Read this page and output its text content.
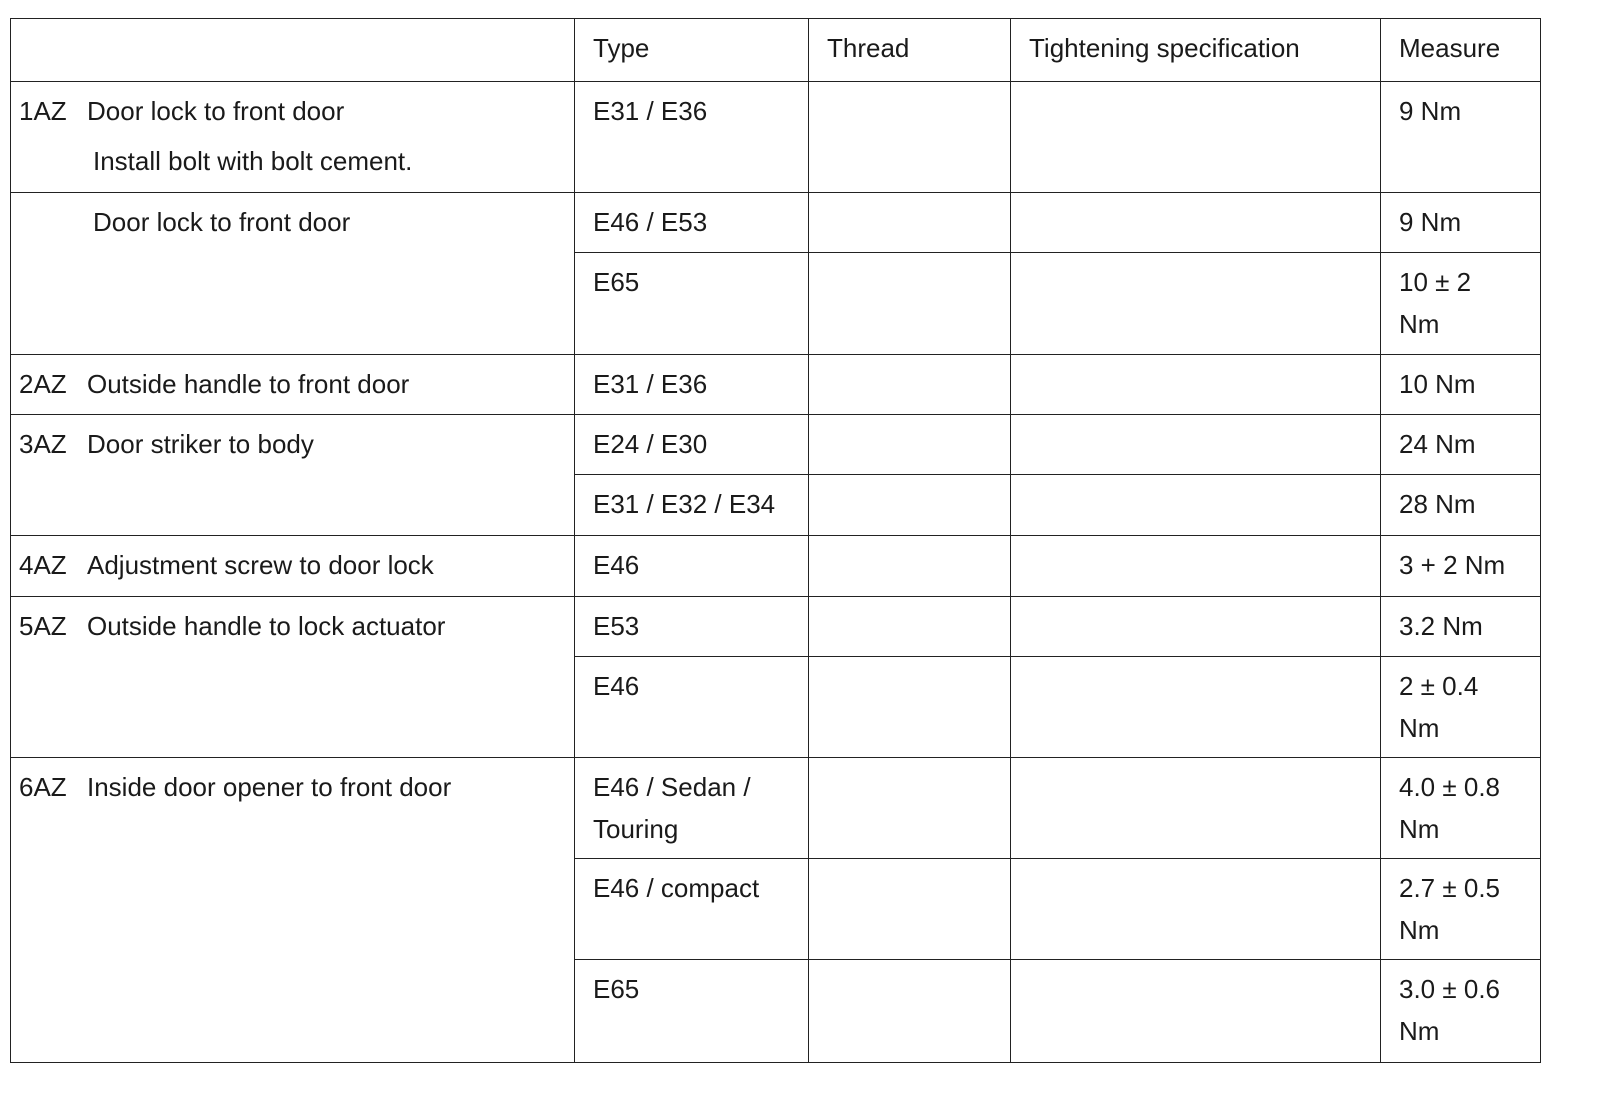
	Type	Thread	Tightening specification	Measure
1AZ Door lock to front door
Install bolt with bolt cement.	E31 / E36			9 Nm

Door lock to front door	E46 / E53			9 Nm
	E65			10 ± 2
Nm
2AZ Outside handle to front door	E31 / E36			10 Nm
3AZ Door striker to body	E24 / E30			24 Nm
	E31 / E32 / E34			28 Nm
4AZ Adjustment screw to door lock	E46			3 + 2 Nm
5AZ Outside handle to lock actuator	E53			3.2 Nm
	E46			2 ± 0.4
Nm
6AZ Inside door opener to front door	E46 / Sedan /
Touring			4.0 ± 0.8
Nm
	E46 / compact			2.7 ± 0.5
Nm
	E65			3.0 ± 0.6
Nm
